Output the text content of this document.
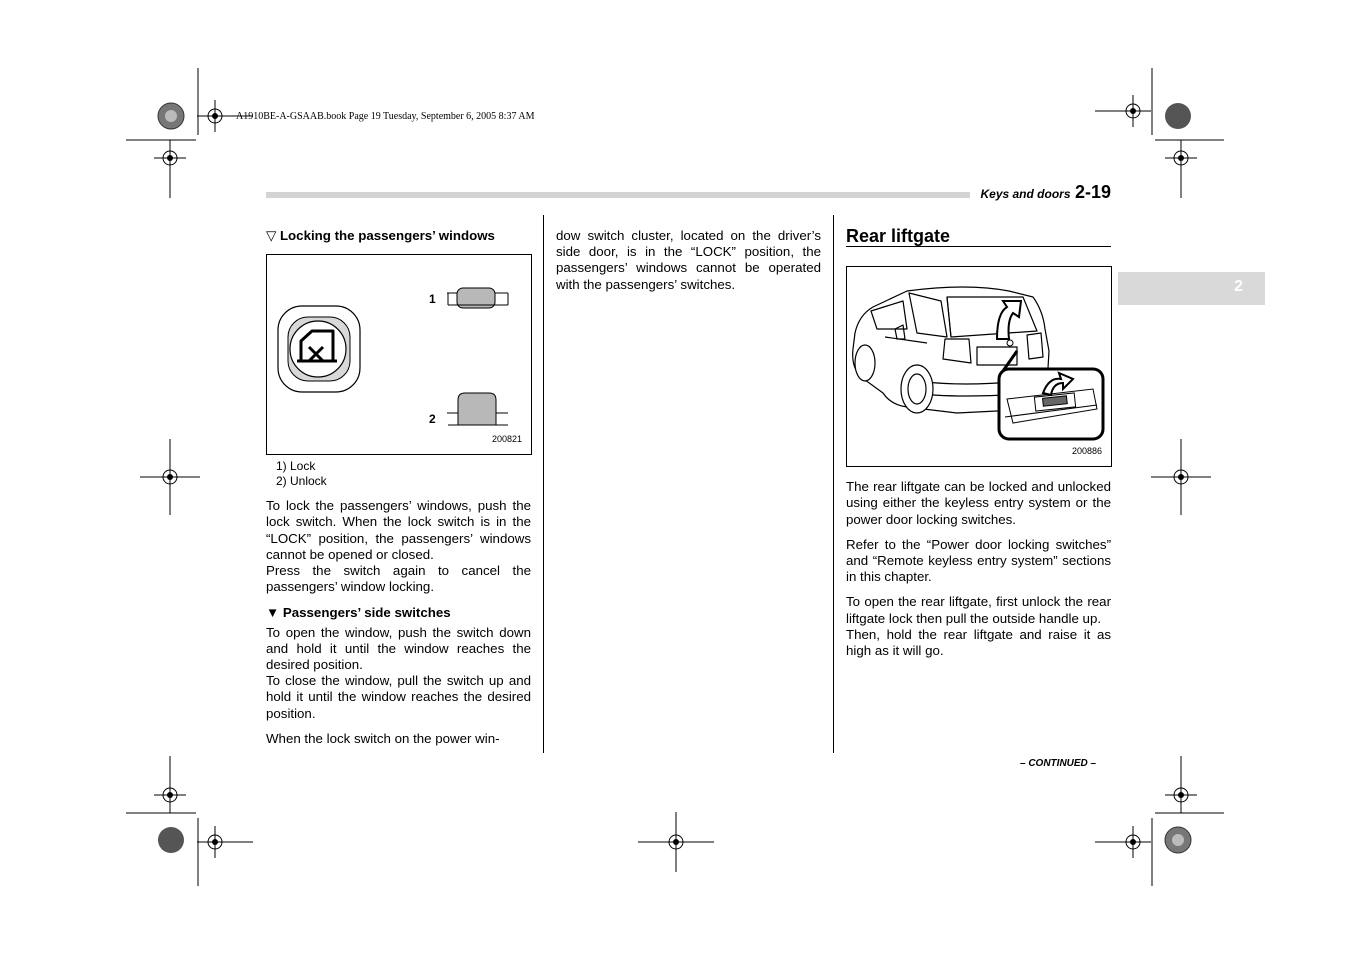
A1910BE-A-GSAAB.book Page 19 Tuesday, September 6, 2005 8:37 AM
Keys and doors 2-19
2
▽ Locking the passengers’ windows
1
2
200821
1) Lock
2) Unlock

To lock the passengers’ windows, push the lock switch. When the lock switch is in the “LOCK” position, the passengers’ windows cannot be opened or closed.

Press the switch again to cancel the passengers’ window locking.

▼ Passengers’ side switches

To open the window, push the switch down and hold it until the window reaches the desired position.

To close the window, pull the switch up and hold it until the window reaches the desired position.

When the lock switch on the power win-

dow switch cluster, located on the driver’s side door, is in the “LOCK” position, the passengers’ windows cannot be operated with the passengers’ switches.

Rear liftgate
200886

The rear liftgate can be locked and unlocked using either the keyless entry system or the power door locking switches.

Refer to the “Power door locking switches” and “Remote keyless entry system” sections in this chapter.

To open the rear liftgate, first unlock the rear liftgate lock then pull the outside handle up.

Then, hold the rear liftgate and raise it as high as it will go.

– CONTINUED –
